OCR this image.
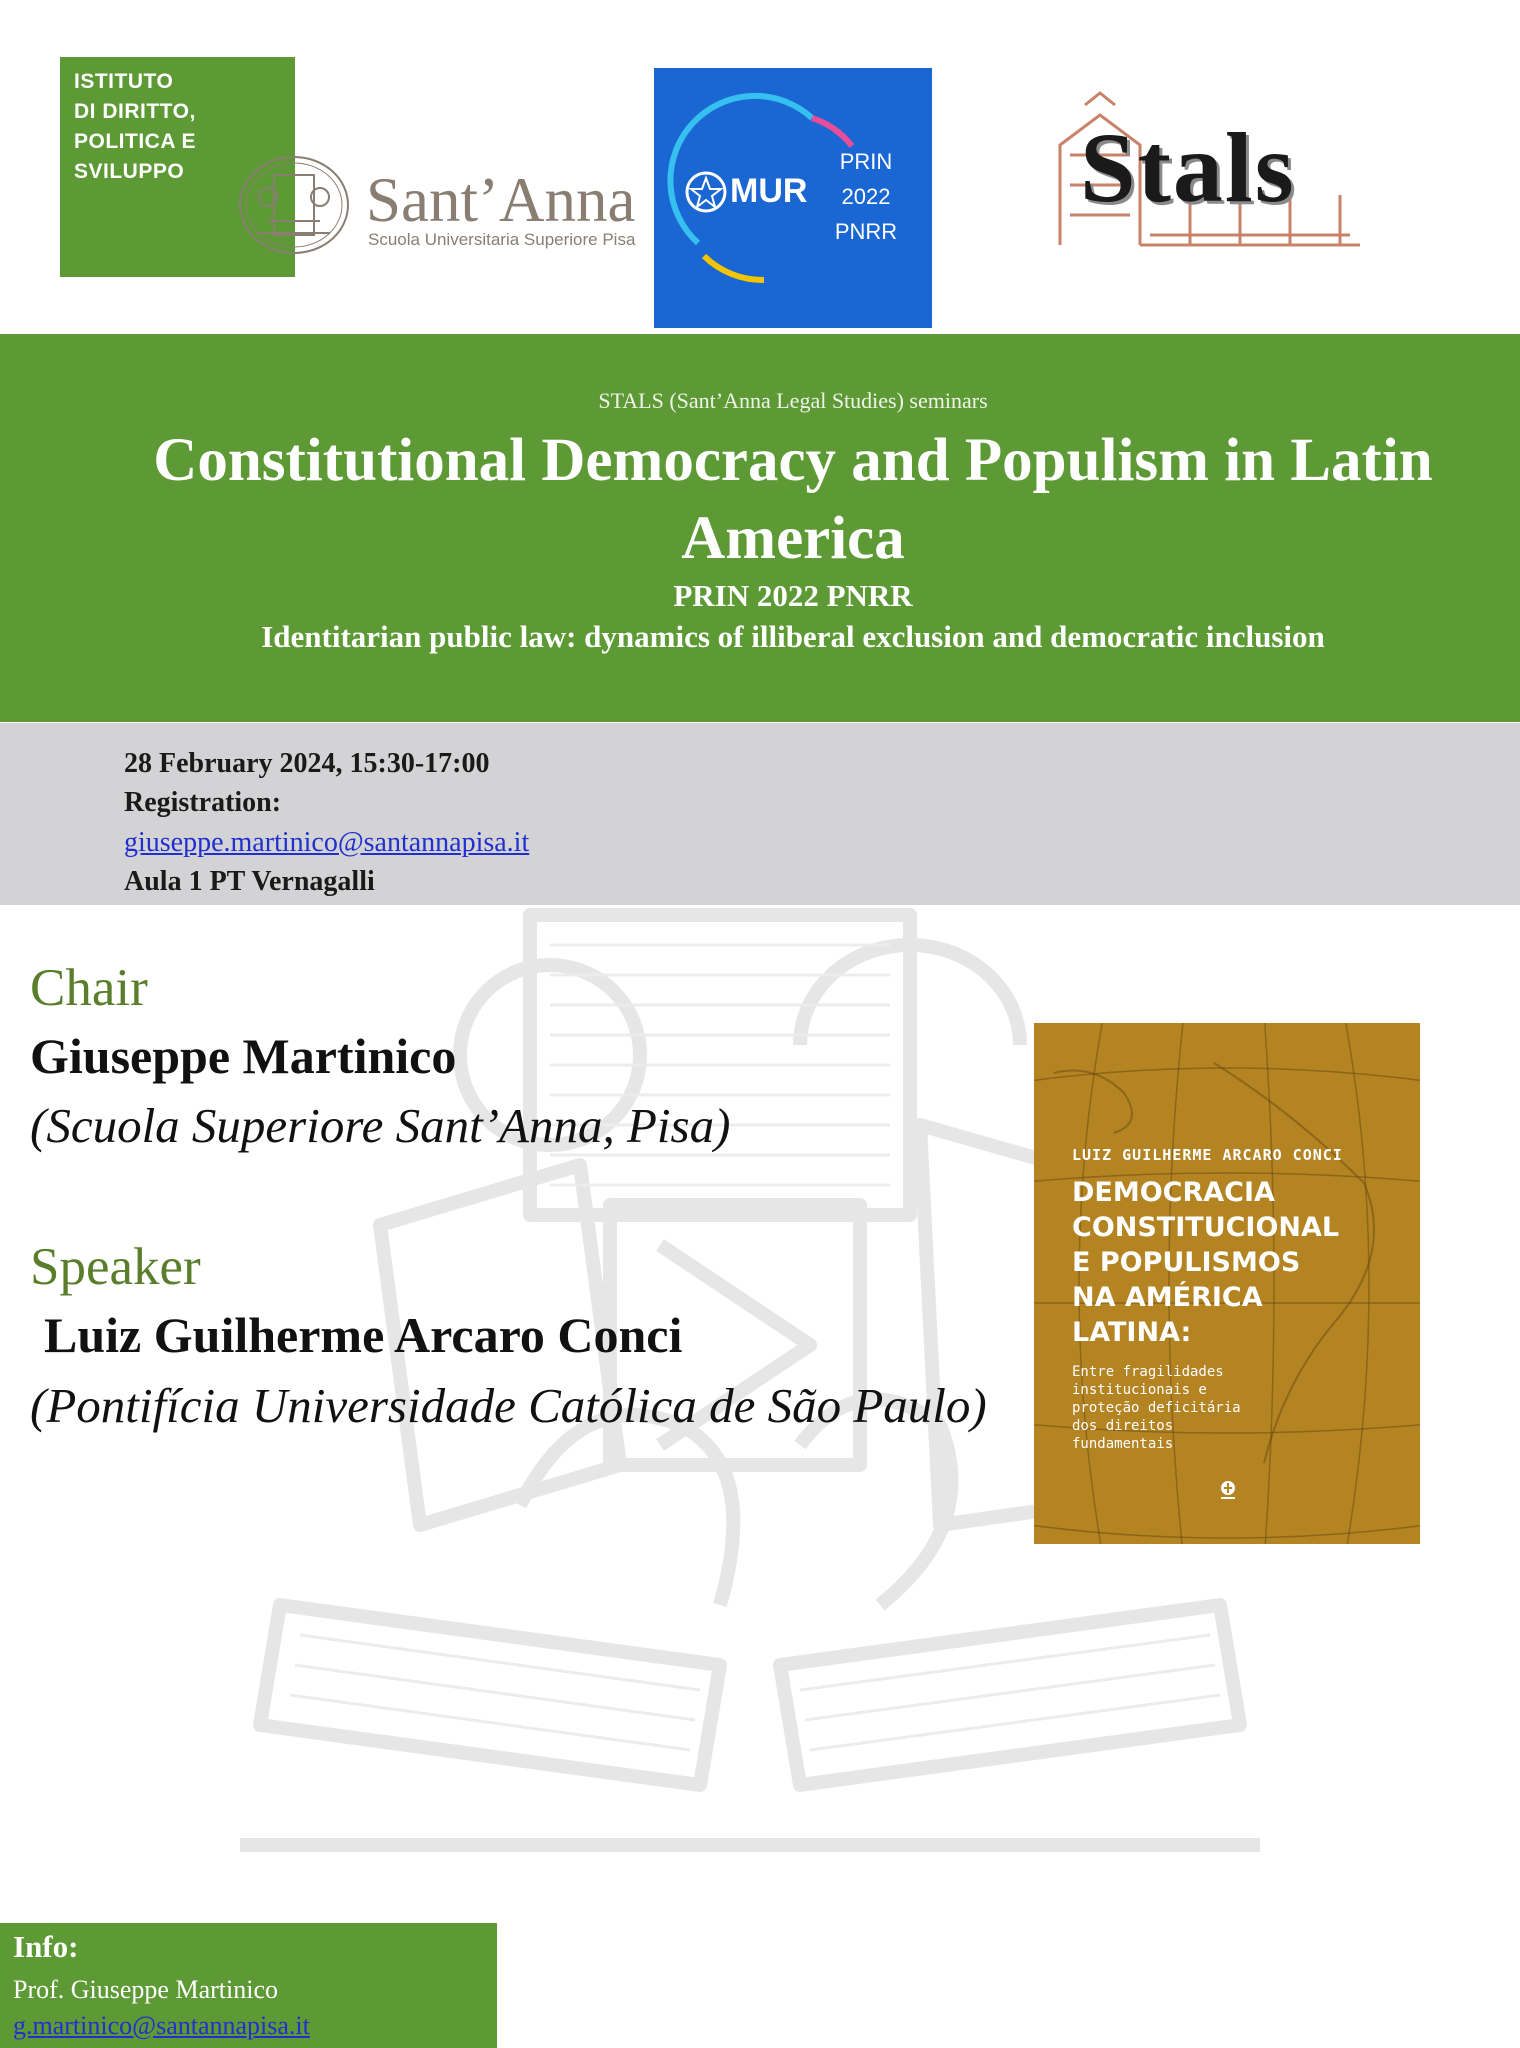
ISTITUTO
DI DIRITTO,
POLITICA E
SVILUPPO	Sant’Anna
Scuola Universitaria Superiore Pisa
MUR
PRIN
2022
PNRR
Stals
STALS (Sant’Anna Legal Studies) seminars
Constitutional Democracy and Populism in Latin America
PRIN 2022 PNRR
Identitarian public law: dynamics of illiberal exclusion and democratic inclusion
28 February 2024, 15:30-17:00
Registration:
giuseppe.martinico@santannapisa.it
Aula 1 PT Vernagalli
Chair
Giuseppe Martinico
(Scuola Superiore Sant’Anna, Pisa)
Speaker
Luiz Guilherme Arcaro Conci
(Pontifícia Universidade Católica de São Paulo)
LUIZ GUILHERME ARCARO CONCI
DEMOCRACIA
CONSTITUCIONAL
E POPULISMOS
NA AMÉRICA
LATINA:
Entre fragilidades institucionais e proteção deficitária dos direitos fundamentais
Info:
Prof. Giuseppe Martinico
g.martinico@santannapisa.it
